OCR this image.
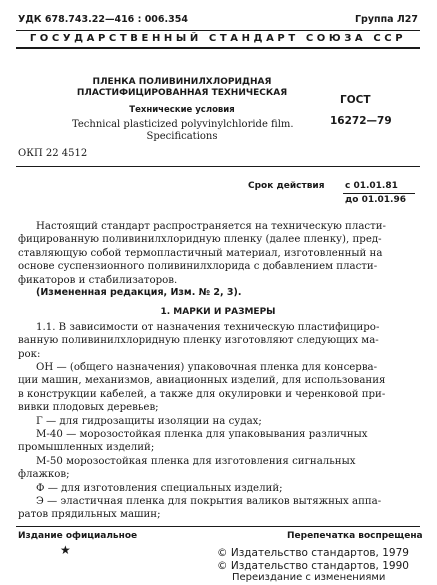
УДК 678.743.22—416 : 006.354	Группа Л27
ГОСУДАРСТВЕННЫЙ СТАНДАРТ СОЮЗА ССР
ПЛЕНКА ПОЛИВИНИЛХЛОРИДНАЯ
ПЛАСТИФИЦИРОВАННАЯ ТЕХНИЧЕСКАЯ
Технические условия
Technical plasticized polyvinylchloride film.
Specifications
ГОСТ
16272—79
ОКП 22 4512
Срок действия с 01.01.81
до 01.01.96
Настоящий стандарт распространяется на техническую пласти-
фицированную поливинилхлоридную пленку (далее пленку), пред-
ставляющую собой термопластичный материал, изготовленный на
основе суспензионного поливинилхлорида с добавлением пласти-
фикаторов и стабилизаторов.
(Измененная редакция, Изм. № 2, 3).
1. МАРКИ И РАЗМЕРЫ
1.1. В зависимости от назначения техническую пластифициро-
ванную поливинилхлоридную пленку изготовляют следующих ма-
рок:
ОН — (общего назначения) упаковочная пленка для консерва-
ции машин, механизмов, авиационных изделий, для использования
в конструкции кабелей, а также для окулировки и черенковой при-
вивки плодовых деревьев;
Г — для гидрозащиты изоляции на судах;
М-40 — морозостойкая пленка для упаковывания различных
промышленных изделий;
М-50 морозостойкая пленка для изготовления сигнальных
флажков;
Ф — для изготовления специальных изделий;
Э — эластичная пленка для покрытия валиков вытяжных аппа-
ратов прядильных машин;
Издание официальное	Перепечатка воспрещена
★	© Издательство стандартов, 1979
© Издательство стандартов, 1990
Переиздание с изменениями
